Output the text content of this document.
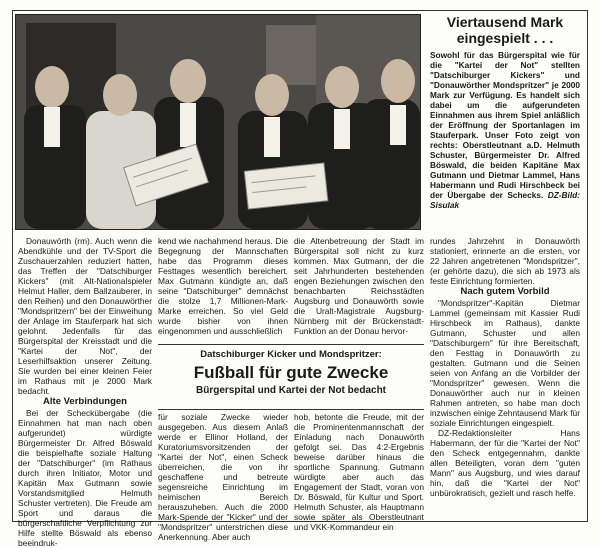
Viertausend Mark eingespielt . . .

Sowohl für das Bürgerspital wie für die "Kartei der Not" stellten "Datschiburger Kickers" und "Donauwörther Mondspritzer" je 2000 Mark zur Verfügung. Es handelt sich dabei um die aufgerundeten Einnahmen aus ihrem Spiel anläßlich der Eröffnung der Sportanlagen im Stauferpark. Unser Foto zeigt von rechts: Oberstleutnant a.D. Helmuth Schuster, Bürgermeister Dr. Alfred Böswald, die beiden Kapitäne Max Gutmann und Dietmar Lammel, Hans Habermann und Rudi Hirschbeck bei der Übergabe der Schecks. DZ-Bild: Sisulak

Donauwörth (rm). Auch wenn die Abendkühle und der TV-Sport die Zuschauerzahlen reduziert hatten, das Treffen der "Datschiburger Kickers" (mit Alt-Nationalspieler Helmut Haller, dem Ballzauberer, in den Reihen) und den Donauwörther "Mondspritzern" bei der Einweihung der Anlage im Stauferpark hat sich gelohnt. Jedenfalls für das Bürgerspital der Kreisstadt und die "Kartei der Not", der Leserhilfsaktion unserer Zeitung. Sie wurden bei einer kleinen Feier im Rathaus mit je 2000 Mark bedacht.

Alte Verbindungen

Bei der Scheckübergabe (die Einnahmen hat man nach oben aufgerundet) würdigte Bürgermeister Dr. Alfred Böswald die beispielhafte soziale Haltung der "Datschiburger" (im Rathaus durch ihren Initiator, Motor und Kapitän Max Gutmann sowie Vorstandsmitglied Helmuth Schuster vertreten). Die Freude am Sport und daraus die bürgerschaftliche Verpflichtung zur Hilfe stellte Böswald als ebenso beeindruk-

kend wie nachahmend heraus. Die Begegnung der Mannschaften habe das Programm dieses Festtages wesentlich bereichert. Max Gutmann kündigte an, daß seine "Datschiburger" demnächst die stolze 1,7 Millionen-Mark-Marke erreichen. So viel Geld wurde bisher von ihnen eingenommen und ausschließlich

die Altenbetreuung der Stadt im Bürgerspital soll nicht zu kurz kommen. Max Gutmann, der die seit Jahrhunderten bestehenden engen Beziehungen zwischen den benachbarten Reichsstädten Augsburg und Donauwörth sowie die Uralt-Magistrale Augsburg-Nürnberg mit der Brückenstadt-Funktion an der Donau hervor-

Datschiburger Kicker und Mondspritzer:
Fußball für gute Zwecke
Bürgerspital und Kartei der Not bedacht

für soziale Zwecke wieder ausgegeben. Aus diesem Anlaß werde er Ellinor Holland, der Kuratoriumsvorsitzenden der "Kartei der Not", einen Scheck überreichen, die von ihr geschaffene und betreute segensreiche Einrichtung im heimischen Bereich herauszuheben. Auch die 2000 Mark-Spende der "Kicker" und der "Mondspritzer" unterstrichen diese Anerkennung. Aber auch

hob, betonte die Freude, mit der die Prominentenmannschaft der Einladung nach Donauwörth gefolgt sei. Das 4:2-Ergebnis beweise darüber hinaus die sportliche Spannung. Gutmann würdigte aber auch das Engagement der Stadt, voran von Dr. Böswald, für Kultur und Sport. Helmuth Schuster, als Hauptmann sowie später als Oberstleutnant und VKK-Kommandeur ein

rundes Jahrzehnt in Donauwörth stationiert, erinnerte an die ersten, vor 22 Jahren angetretenen "Mondspritzer", (er gehörte dazu), die sich ab 1973 als feste Einrichtung formierten.

Nach gutem Vorbild

"Mondspritzer"-Kapitän Dietmar Lammel (gemeinsam mit Kassier Rudi Hirschbeck im Rathaus), dankte Gutmann, Schuster und allen "Datschiburgern" für ihre Bereitschaft, den Festtag in Donauwörth zu gestalten. Gutmann und die Seinen seien von Anfang an die Vorbilder der "Mondspritzer" gewesen. Wenn die Donauwörther auch nur in kleinen Rahmen antreten, so habe man doch inzwischen einige Zehntausend Mark für soziale Einrichtungen eingespielt.

DZ-Redaktionsleiter Hans Habermann, der für die "Kartei der Not" den Scheck entgegennahm, dankte allen Beteiligten, voran dem "guten Mann" aus Augsburg, und wies darauf hin, daß die "Kartei der Not" unbürokratisch, gezielt und rasch helfe.
